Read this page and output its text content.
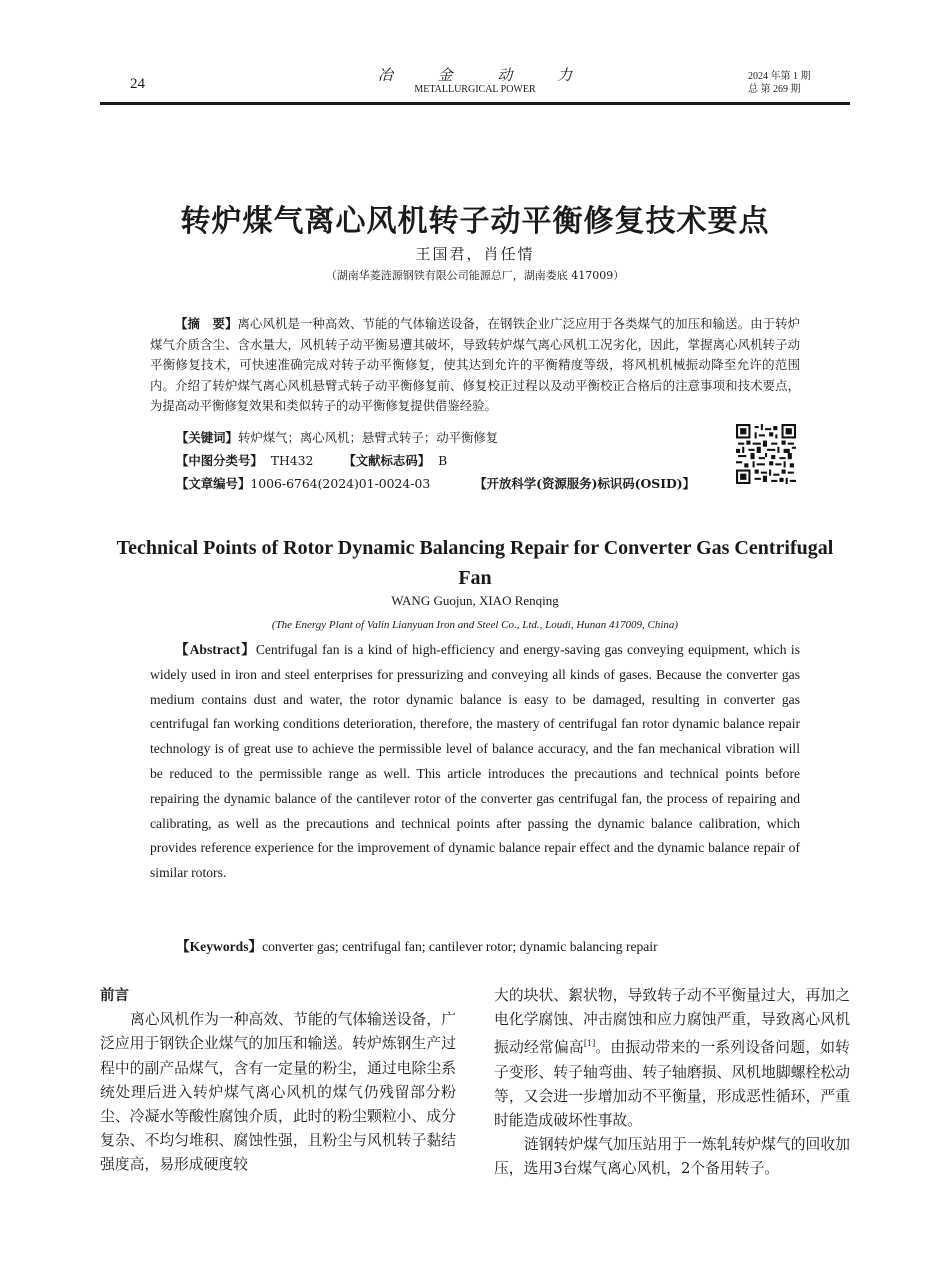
24	冶 金 动 力
METALLURGICAL POWER
2024 年第 1 期
总 第 269 期
转炉煤气离心风机转子动平衡修复技术要点
王国君，肖任情
（湖南华菱涟源钢铁有限公司能源总厂，湖南娄底 417009）
【摘　要】离心风机是一种高效、节能的气体输送设备，在钢铁企业广泛应用于各类煤气的加压和输送。由于转炉煤气介质含尘、含水量大，风机转子动平衡易遭其破坏，导致转炉煤气离心风机工况劣化，因此，掌握离心风机转子动平衡修复技术，可快速准确完成对转子动平衡修复，使其达到允许的平衡精度等级，将风机机械振动降至允许的范围内。介绍了转炉煤气离心风机悬臂式转子动平衡修复前、修复校正过程以及动平衡校正合格后的注意事项和技术要点，为提高动平衡修复效果和类似转子的动平衡修复提供借鉴经验。
【关键词】转炉煤气；离心风机；悬臂式转子；动平衡修复
【中图分类号】 TH432 【文献标志码】 B
【文章编号】1006-6764(2024)01-0024-03	【开放科学(资源服务)标识码(OSID)】
Technical Points of Rotor Dynamic Balancing Repair for Converter Gas Centrifugal Fan
WANG Guojun, XIAO Renqing
(The Energy Plant of Valin Lianyuan Iron and Steel Co., Ltd., Loudi, Hunan 417009, China)
【Abstract】Centrifugal fan is a kind of high-efficiency and energy-saving gas conveying equipment, which is widely used in iron and steel enterprises for pressurizing and conveying all kinds of gases. Because the converter gas medium contains dust and water, the rotor dynamic balance is easy to be damaged, resulting in converter gas centrifugal fan working conditions deterioration, therefore, the mastery of centrifugal fan rotor dynamic balance repair technology is of great use to achieve the permissible level of balance accuracy, and the fan mechanical vibration will be reduced to the permissible range as well. This article introduces the precautions and technical points before repairing the dynamic balance of the cantilever rotor of the converter gas centrifugal fan, the process of repairing and calibrating, as well as the precautions and technical points after passing the dynamic balance calibration, which provides reference experience for the improvement of dynamic balance repair effect and the dynamic balance repair of similar rotors.
【Keywords】converter gas; centrifugal fan; cantilever rotor; dynamic balancing repair
前言
离心风机作为一种高效、节能的气体输送设备，广泛应用于钢铁企业煤气的加压和输送。转炉炼钢生产过程中的副产品煤气，含有一定量的粉尘，通过电除尘系统处理后进入转炉煤气离心风机的煤气仍残留部分粉尘、冷凝水等酸性腐蚀介质，此时的粉尘颗粒小、成分复杂、不均匀堆积、腐蚀性强，且粉尘与风机转子黏结强度高，易形成硬度较
大的块状、絮状物，导致转子动不平衡量过大，再加之电化学腐蚀、冲击腐蚀和应力腐蚀严重，导致离心风机振动经常偏高[1]。由振动带来的一系列设备问题，如转子变形、转子轴弯曲、转子轴磨损、风机地脚螺栓松动等，又会进一步增加动不平衡量，形成恶性循环，严重时能造成破坏性事故。
涟钢转炉煤气加压站用于一炼轧转炉煤气的回收加压，选用3台煤气离心风机，2个备用转子。
